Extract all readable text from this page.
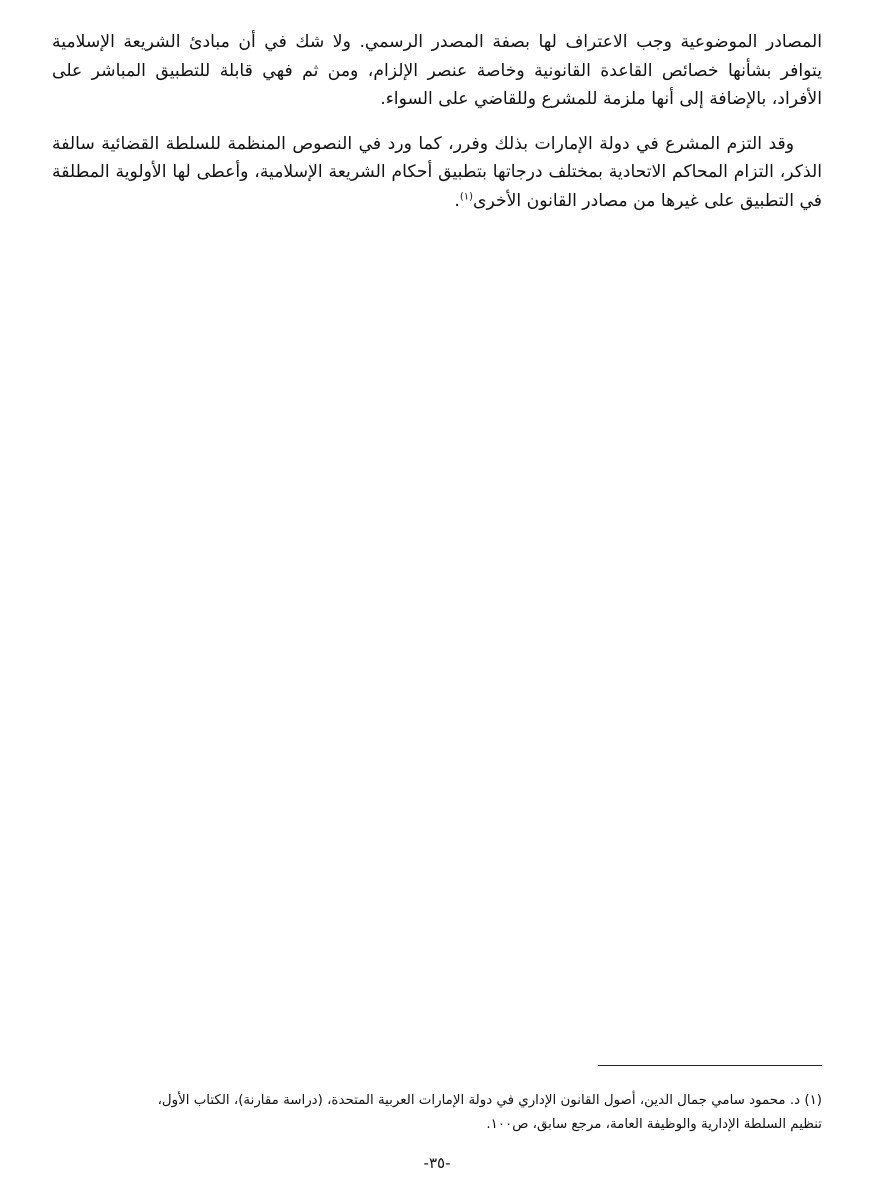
المصادر الموضوعية وجب الاعتراف لها بصفة المصدر الرسمي. ولا شك في أن مبادئ الشريعة الإسلامية يتوافر بشأنها خصائص القاعدة القانونية وخاصة عنصر الإلزام، ومن ثم فهي قابلة للتطبيق المباشر على الأفراد، بالإضافة إلى أنها ملزمة للمشرع وللقاضي على السواء.

وقد التزم المشرع في دولة الإمارات بذلك وفرر، كما ورد في النصوص المنظمة للسلطة القضائية سالفة الذكر، التزام المحاكم الاتحادية بمختلف درجاتها بتطبيق أحكام الشريعة الإسلامية، وأعطى لها الأولوية المطلقة في التطبيق على غيرها من مصادر القانون الأخرى$^{(١)}$.

(١) د. محمود سامي جمال الدين، أصول القانون الإداري في دولة الإمارات العربية المتحدة، (دراسة مقارنة)، الكتاب الأول،

تنظيم السلطة الإدارية والوظيفة العامة، مرجع سابق، ص١٠٠.

-٣٥-
